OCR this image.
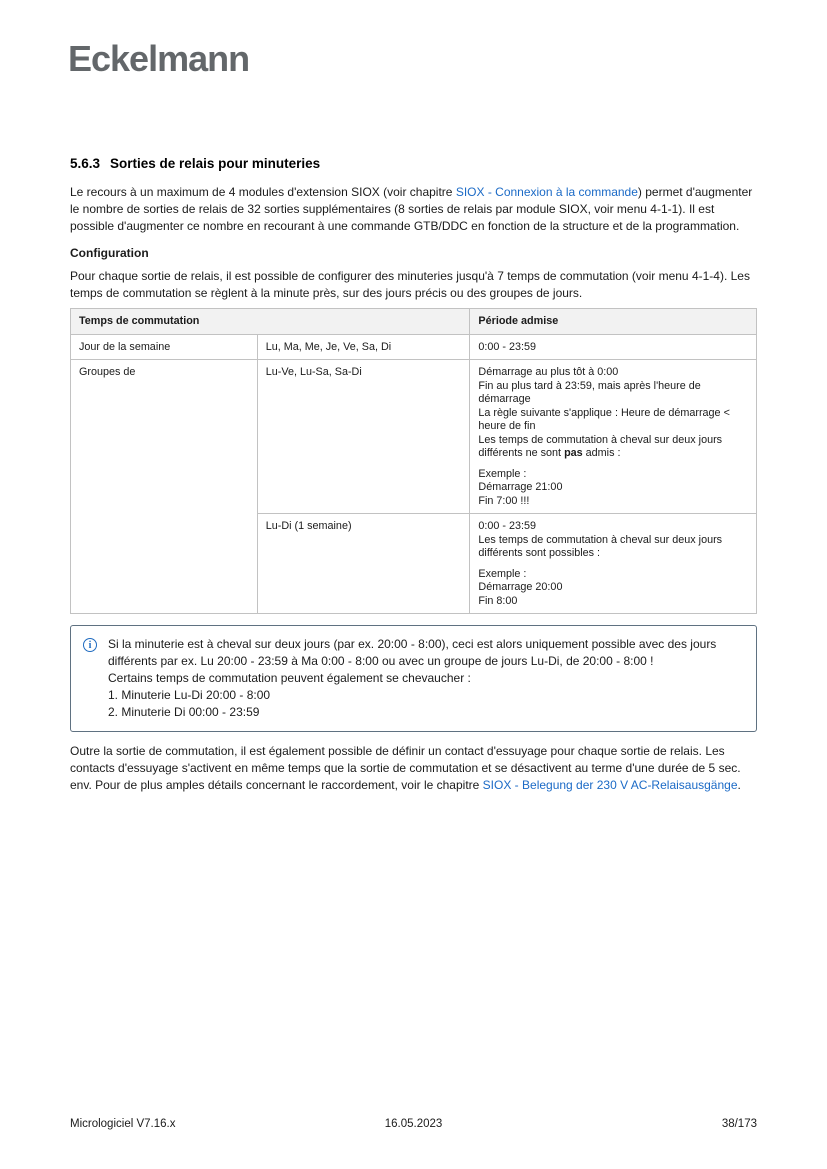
Eckelmann
5.6.3 Sorties de relais pour minuteries

Le recours à un maximum de 4 modules d'extension SIOX (voir chapitre SIOX - Connexion à la commande) permet d'augmenter le nombre de sorties de relais de 32 sorties supplémentaires (8 sorties de relais par module SIOX, voir menu 4-1-1). Il est possible d'augmenter ce nombre en recourant à une commande GTB/DDC en fonction de la structure et de la programmation.

Configuration

Pour chaque sortie de relais, il est possible de configurer des minuteries jusqu'à 7 temps de commutation (voir menu 4-1-4). Les temps de commutation se règlent à la minute près, sur des jours précis ou des groupes de jours.

Temps de commutation		Période admise
Jour de la semaine	Lu, Ma, Me, Je, Ve, Sa, Di	0:00 - 23:59
Groupes de	Lu-Ve, Lu-Sa, Sa-Di	Démarrage au plus tôt à 0:00
Fin au plus tard à 23:59, mais après l'heure de démarrage
La règle suivante s'applique : Heure de démarrage < heure de fin
Les temps de commutation à cheval sur deux jours différents ne sont pas admis :
Exemple :
Démarrage 21:00
Fin 7:00 !!!

	Lu-Di (1 semaine)	0:00 - 23:59
Les temps de commutation à cheval sur deux jours différents sont possibles :
Exemple :
Démarrage 20:00
Fin 8:00
i	Si la minuterie est à cheval sur deux jours (par ex. 20:00 - 8:00), ceci est alors uniquement possible avec des jours différents par ex. Lu 20:00 - 23:59 à Ma 0:00 - 8:00 ou avec un groupe de jours Lu-Di, de 20:00 - 8:00 !
Certains temps de commutation peuvent également se chevaucher :
1. Minuterie Lu-Di 20:00 - 8:00
2. Minuterie Di 00:00 - 23:59

Outre la sortie de commutation, il est également possible de définir un contact d'essuyage pour chaque sortie de relais. Les contacts d'essuyage s'activent en même temps que la sortie de commutation et se désactivent au terme d'une durée de 5 sec. env. Pour de plus amples détails concernant le raccordement, voir le chapitre SIOX - Belegung der 230 V AC-Relaisausgänge.

Micrologiciel V7.16.x	16.05.2023	38/173
